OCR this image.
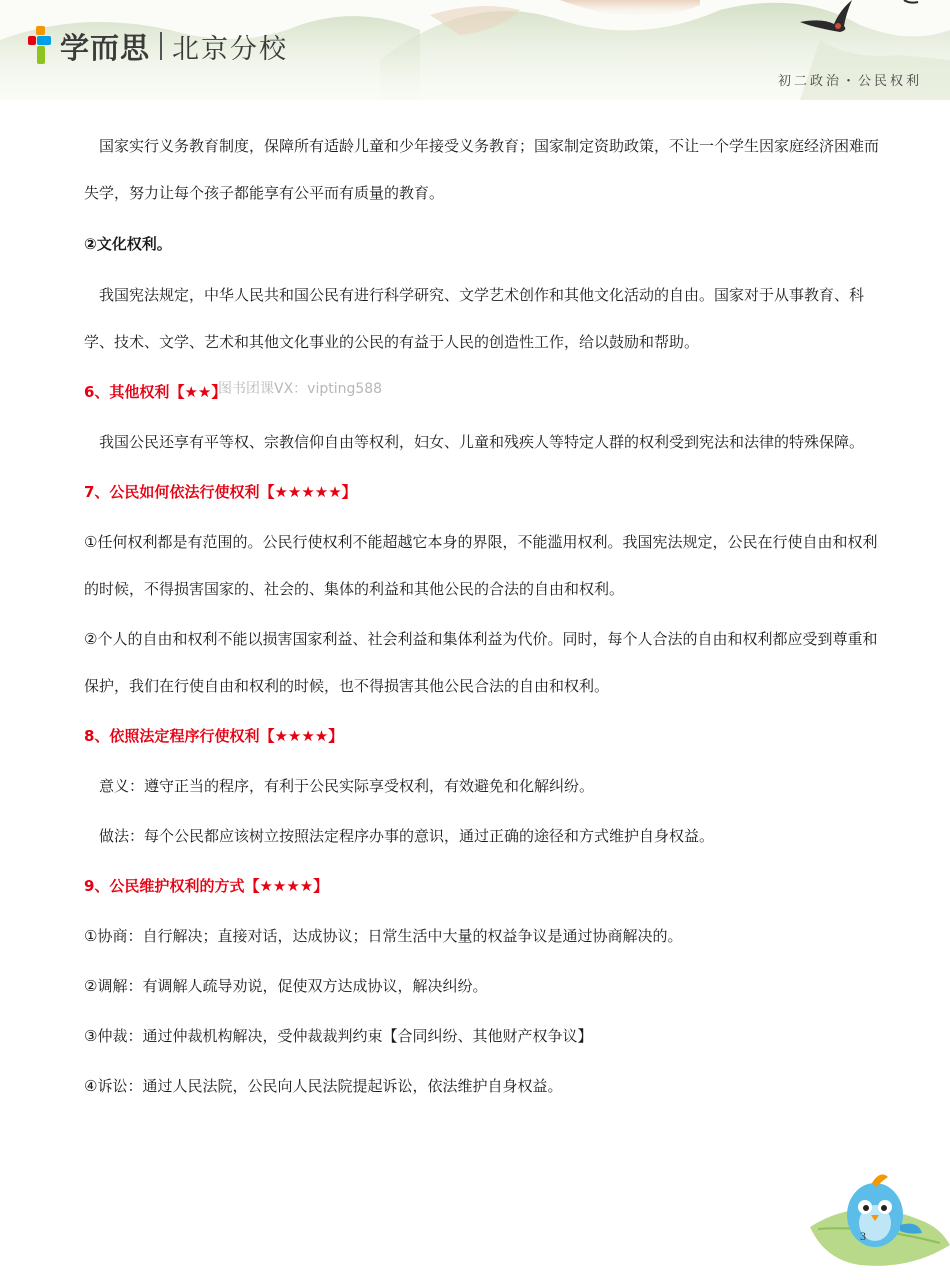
学而思 北京分校
初二政治・公民权利

国家实行义务教育制度，保障所有适龄儿童和少年接受义务教育；国家制定资助政策，不让一个学生因家庭经济困难而失学，努力让每个孩子都能享有公平而有质量的教育。

②文化权利。

我国宪法规定，中华人民共和国公民有进行科学研究、文学艺术创作和其他文化活动的自由。国家对于从事教育、科学、技术、文学、艺术和其他文化事业的公民的有益于人民的创造性工作，给以鼓励和帮助。

6、其他权利【★★】

我国公民还享有平等权、宗教信仰自由等权利，妇女、儿童和残疾人等特定人群的权利受到宪法和法律的特殊保障。

7、公民如何依法行使权利【★★★★★】

①任何权利都是有范围的。公民行使权利不能超越它本身的界限，不能滥用权利。我国宪法规定，公民在行使自由和权利的时候，不得损害国家的、社会的、集体的利益和其他公民的合法的自由和权利。

②个人的自由和权利不能以损害国家利益、社会利益和集体利益为代价。同时，每个人合法的自由和权利都应受到尊重和保护，我们在行使自由和权利的时候，也不得损害其他公民合法的自由和权利。

8、依照法定程序行使权利【★★★★】

意义：遵守正当的程序，有利于公民实际享受权利，有效避免和化解纠纷。

做法：每个公民都应该树立按照法定程序办事的意识，通过正确的途径和方式维护自身权益。

9、公民维护权利的方式【★★★★】

①协商：自行解决；直接对话，达成协议；日常生活中大量的权益争议是通过协商解决的。

②调解：有调解人疏导劝说，促使双方达成协议，解决纠纷。

③仲裁：通过仲裁机构解决，受仲裁裁判约束【合同纠纷、其他财产权争议】

④诉讼：通过人民法院，公民向人民法院提起诉讼，依法维护自身权益。

图书团课VX：vipting588
3
